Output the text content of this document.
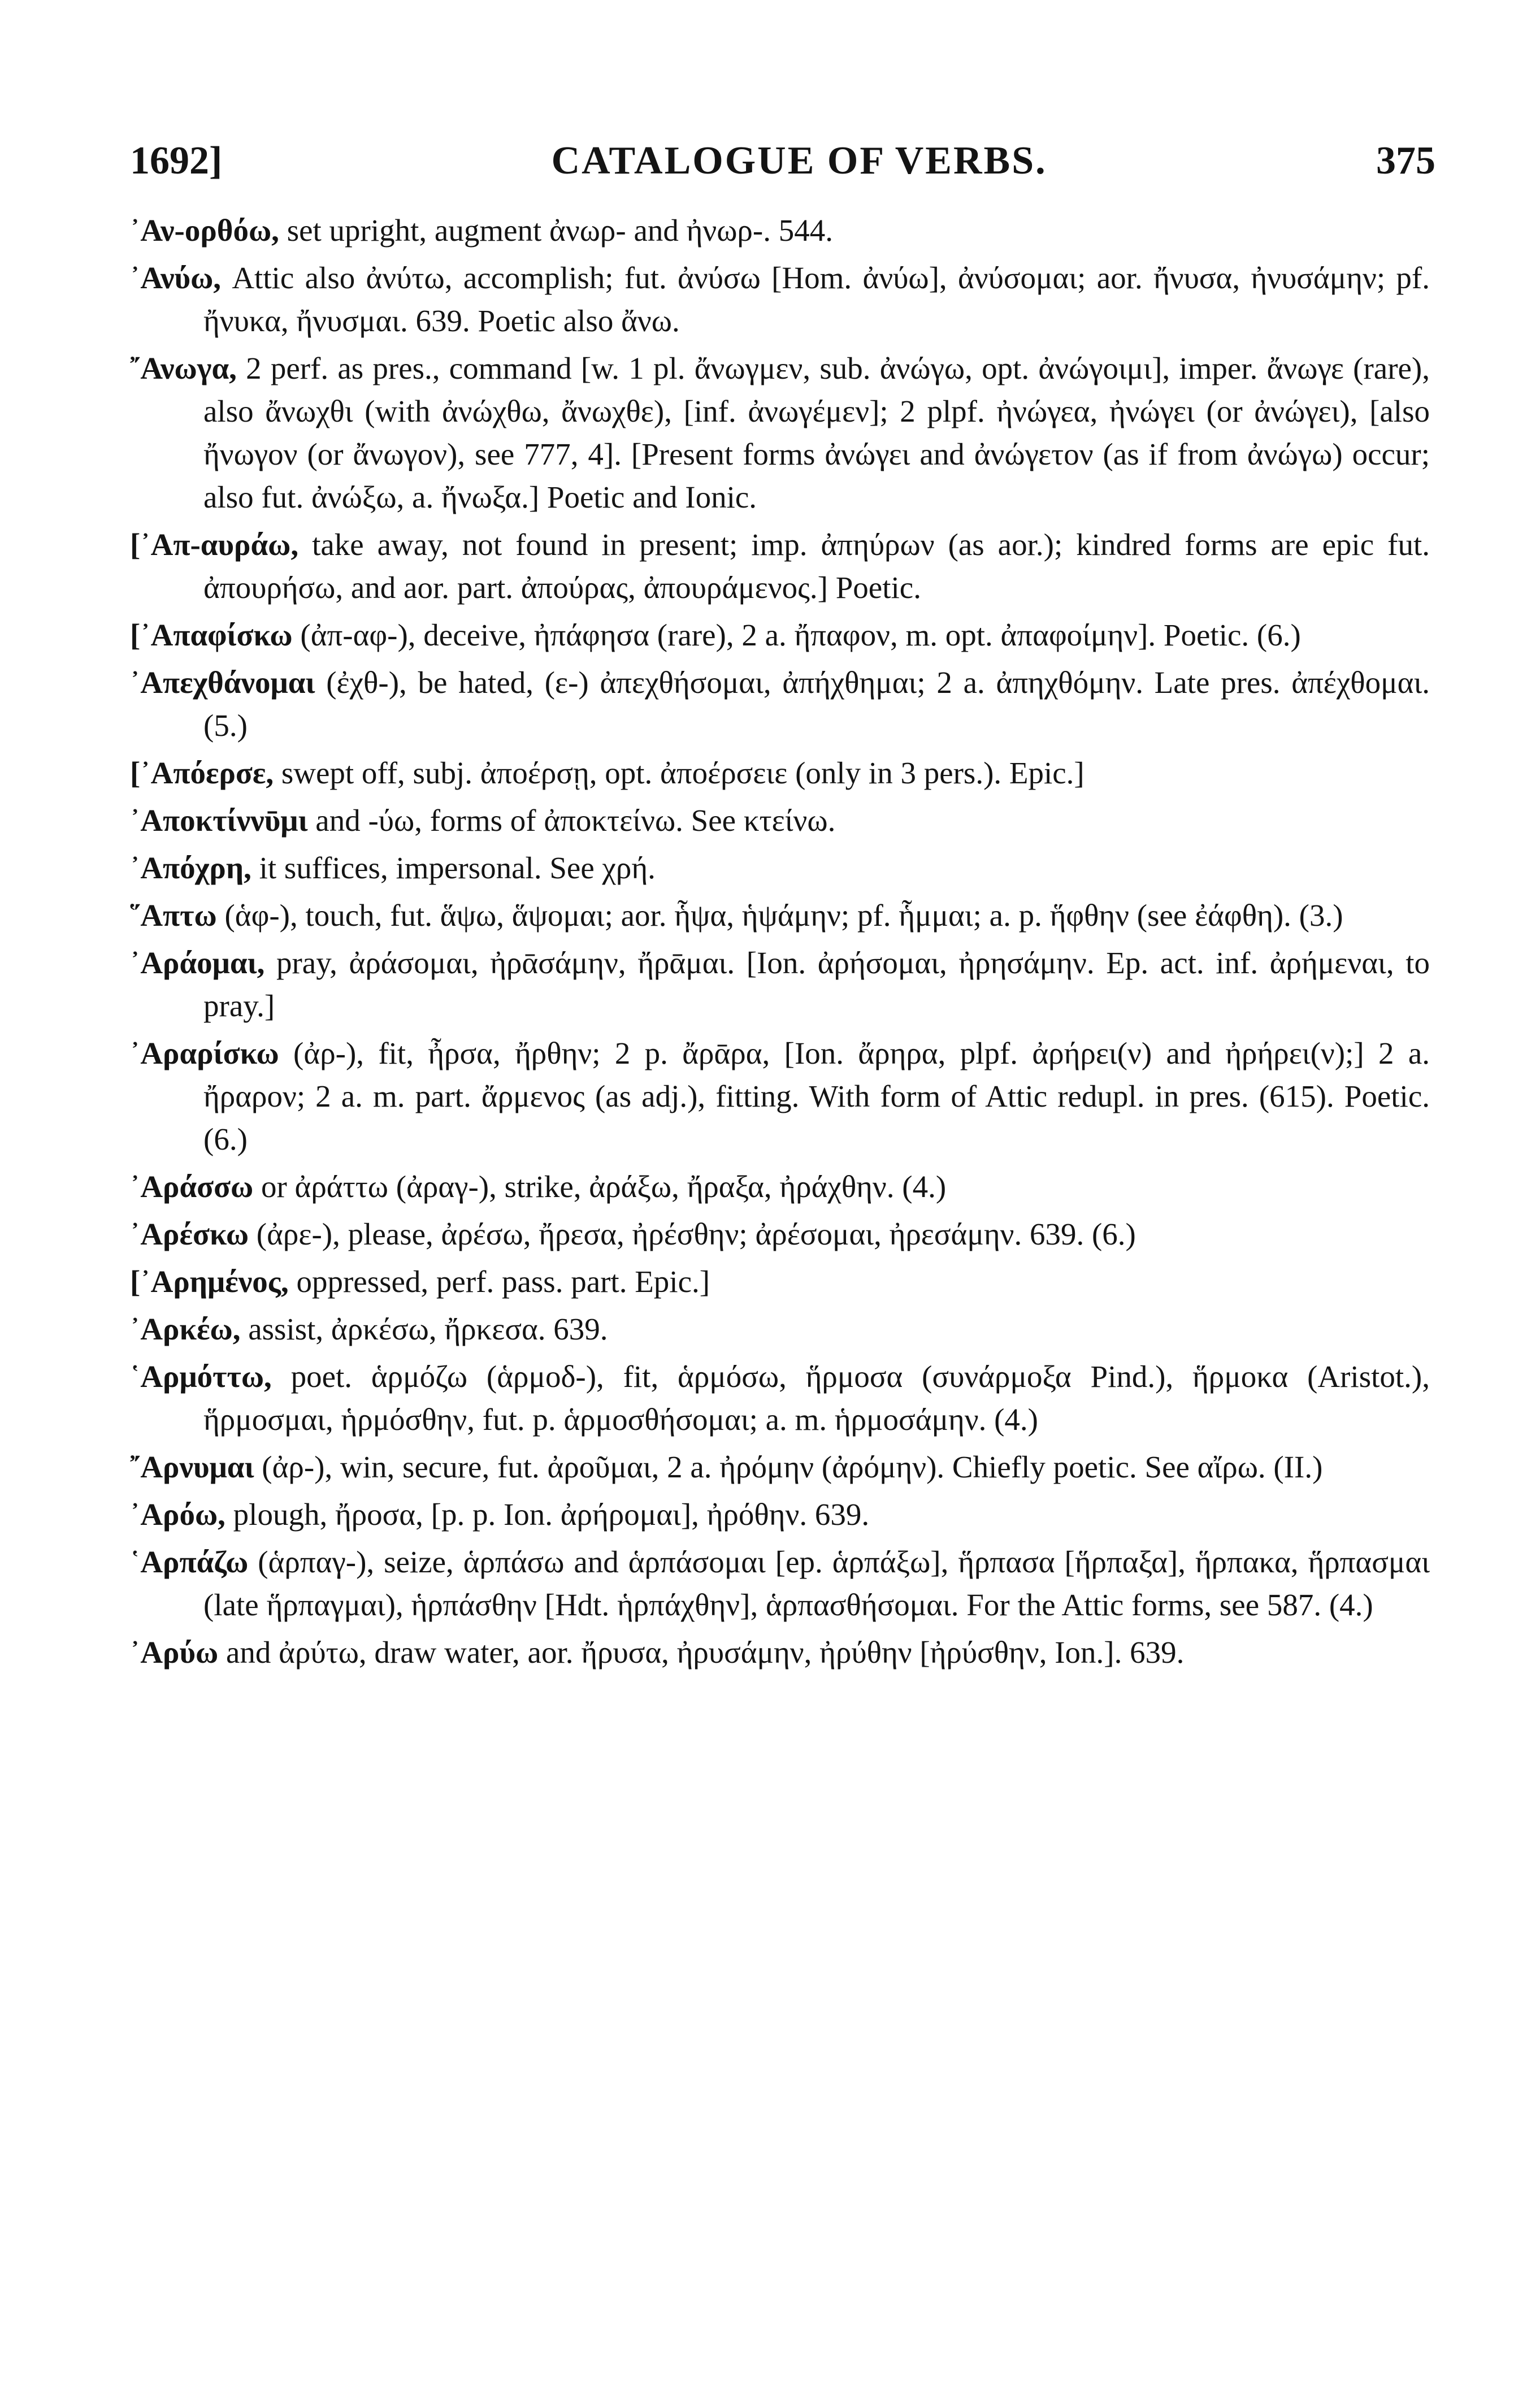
1692]	CATALOGUE OF VERBS.	375

᾽Αν-ορθόω, set upright, augment ἀνωρ- and ἠνωρ-. 544.

᾽Ανύω, Attic also ἀνύτω, accomplish; fut. ἀνύσω [Hom. ἀνύω], ἀνύσομαι; aor. ἤνυσα, ἠνυσάμην; pf. ἤνυκα, ἤνυσμαι. 639. Poetic also ἄνω.

῎Ανωγα, 2 perf. as pres., command [w. 1 pl. ἄνωγμεν, sub. ἀνώγω, opt. ἀνώγοιμι], imper. ἄνωγε (rare), also ἄνωχθι (with ἀνώχθω, ἄνωχθε), [inf. ἀνωγέμεν]; 2 plpf. ἠνώγεα, ἠνώγει (or ἀνώγει), [also ἤνωγον (or ἄνωγον), see 777, 4]. [Present forms ἀνώγει and ἀνώγετον (as if from ἀνώγω) occur; also fut. ἀνώξω, a. ἤνωξα.] Poetic and Ionic.

[᾽Απ-αυράω, take away, not found in present; imp. ἀπηύρων (as aor.); kindred forms are epic fut. ἀπουρήσω, and aor. part. ἀπούρας, ἀπουράμενος.] Poetic.

[᾽Απαφίσκω (ἀπ-αφ-), deceive, ἠπάφησα (rare), 2 a. ἤπαφον, m. opt. ἀπαφοίμην]. Poetic. (6.)

᾽Απεχθάνομαι (ἐχθ-), be hated, (ε-) ἀπεχθήσομαι, ἀπήχθημαι; 2 a. ἀπηχθόμην. Late pres. ἀπέχθομαι. (5.)

[᾽Απόερσε, swept off, subj. ἀποέρσῃ, opt. ἀποέρσειε (only in 3 pers.). Epic.]

᾽Αποκτίννῡμι and -ύω, forms of ἀποκτείνω. See κτείνω.

᾽Απόχρη, it suffices, impersonal. See χρή.

῞Απτω (ἁφ-), touch, fut. ἅψω, ἅψομαι; aor. ἧψα, ἡψάμην; pf. ἧμμαι; a. p. ἥφθην (see ἐάφθη). (3.)

᾽Αράομαι, pray, ἀράσομαι, ἠρᾱσάμην, ἤρᾱμαι. [Ion. ἀρήσομαι, ἠρησάμην. Ep. act. inf. ἀρήμεναι, to pray.]

᾽Αραρίσκω (ἀρ-), fit, ἦρσα, ἤρθην; 2 p. ἄρᾱρα, [Ion. ἄρηρα, plpf. ἀρήρει(ν) and ἠρήρει(ν);] 2 a. ἤραρον; 2 a. m. part. ἄρμενος (as adj.), fitting. With form of Attic redupl. in pres. (615). Poetic. (6.)

᾽Αράσσω or ἀράττω (ἀραγ-), strike, ἀράξω, ἤραξα, ἠράχθην. (4.)

᾽Αρέσκω (ἀρε-), please, ἀρέσω, ἤρεσα, ἠρέσθην; ἀρέσομαι, ἠρεσάμην. 639. (6.)

[᾽Αρημένος, oppressed, perf. pass. part. Epic.]

᾽Αρκέω, assist, ἀρκέσω, ἤρκεσα. 639.

῾Αρμόττω, poet. ἁρμόζω (ἁρμοδ-), fit, ἁρμόσω, ἥρμοσα (συνάρμοξα Pind.), ἥρμοκα (Aristot.), ἥρμοσμαι, ἡρμόσθην, fut. p. ἁρμοσθήσομαι; a. m. ἡρμοσάμην. (4.)

῎Αρνυμαι (ἀρ-), win, secure, fut. ἀροῦμαι, 2 a. ἠρόμην (ἀρόμην). Chiefly poetic. See αἴρω. (II.)

᾽Αρόω, plough, ἤροσα, [p. p. Ion. ἀρήρομαι], ἠρόθην. 639.

῾Αρπάζω (ἁρπαγ-), seize, ἁρπάσω and ἁρπάσομαι [ep. ἁρπάξω], ἥρπασα [ἥρπαξα], ἥρπακα, ἥρπασμαι (late ἥρπαγμαι), ἡρπάσθην [Hdt. ἡρπάχθην], ἁρπασθήσομαι. For the Attic forms, see 587. (4.)

᾽Αρύω and ἀρύτω, draw water, aor. ἤρυσα, ἠρυσάμην, ἠρύθην [ἠρύσθην, Ion.]. 639.
